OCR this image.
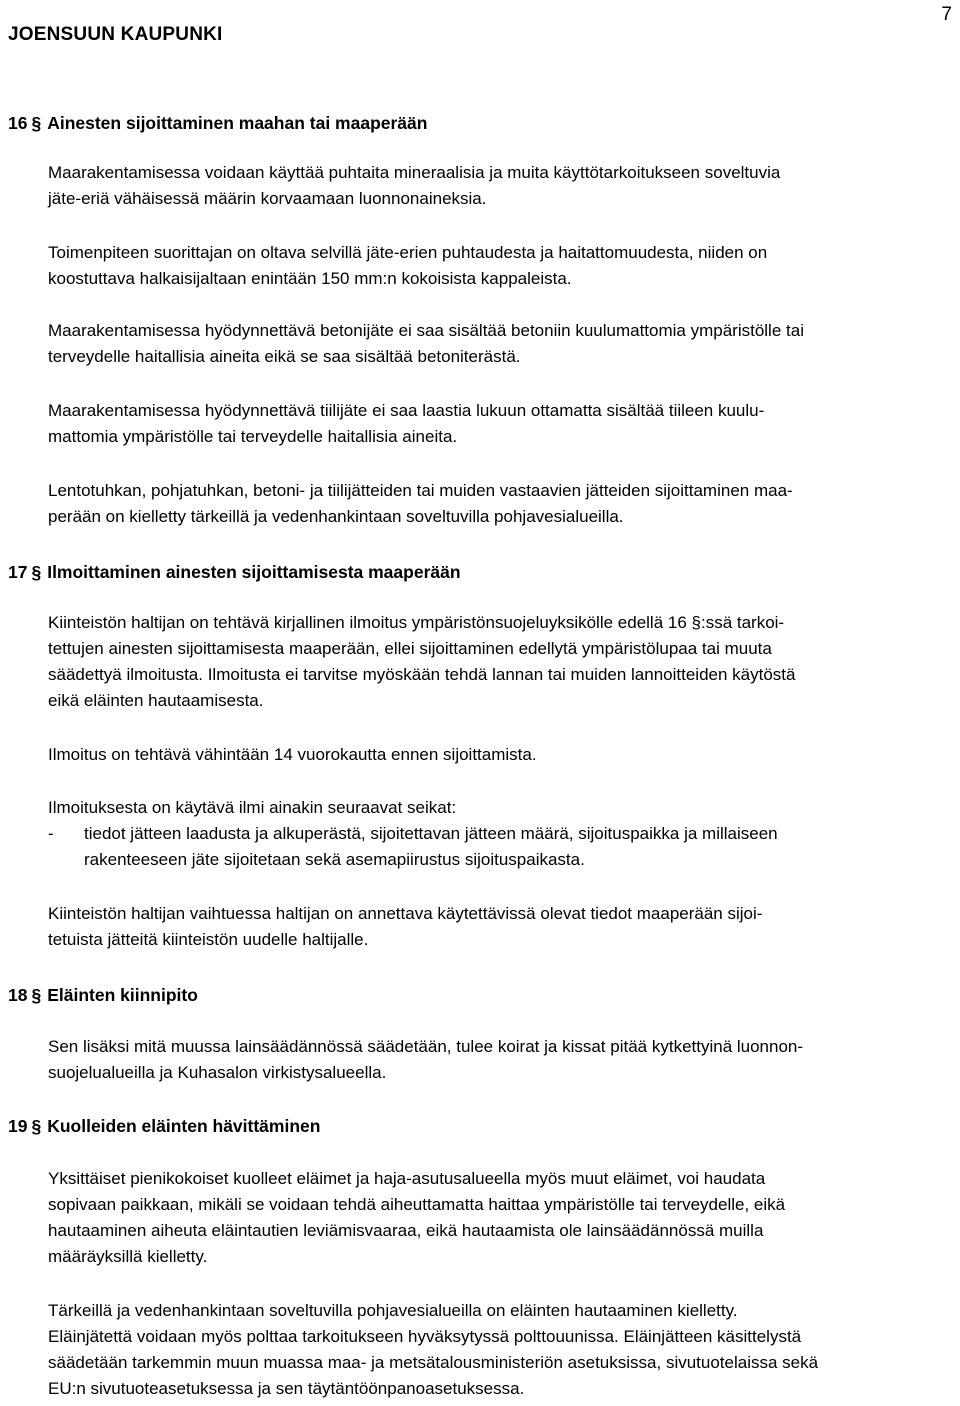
JOENSUUN KAUPUNKI
7
16 § Ainesten sijoittaminen maahan tai maaperään

Maarakentamisessa voidaan käyttää puhtaita mineraalisia ja muita käyttötarkoitukseen soveltuvia
jäte-eriä vähäisessä määrin korvaamaan luonnonaineksia.

Toimenpiteen suorittajan on oltava selvillä jäte-erien puhtaudesta ja haitattomuudesta, niiden on
koostuttava halkaisijaltaan enintään 150 mm:n kokoisista kappaleista.

Maarakentamisessa hyödynnettävä betonijäte ei saa sisältää betoniin kuulumattomia ympäristölle tai
terveydelle haitallisia aineita eikä se saa sisältää betoniterästä.

Maarakentamisessa hyödynnettävä tiilijäte ei saa laastia lukuun ottamatta sisältää tiileen kuulu-
mattomia ympäristölle tai terveydelle haitallisia aineita.

Lentotuhkan, pohjatuhkan, betoni- ja tiilijätteiden tai muiden vastaavien jätteiden sijoittaminen maa-
perään on kielletty tärkeillä ja vedenhankintaan soveltuvilla pohjavesialueilla.

17 § Ilmoittaminen ainesten sijoittamisesta maaperään

Kiinteistön haltijan on tehtävä kirjallinen ilmoitus ympäristönsuojeluyksikölle edellä 16 §:ssä tarkoi-
tettujen ainesten sijoittamisesta maaperään, ellei sijoittaminen edellytä ympäristölupaa tai muuta
säädettyä ilmoitusta. Ilmoitusta ei tarvitse myöskään tehdä lannan tai muiden lannoitteiden käytöstä
eikä eläinten hautaamisesta.

Ilmoitus on tehtävä vähintään 14 vuorokautta ennen sijoittamista.

Ilmoituksesta on käytävä ilmi ainakin seuraavat seikat:

- tiedot jätteen laadusta ja alkuperästä, sijoitettavan jätteen määrä, sijoituspaikka ja millaiseen
rakenteeseen jäte sijoitetaan sekä asemapiirustus sijoituspaikasta.

Kiinteistön haltijan vaihtuessa haltijan on annettava käytettävissä olevat tiedot maaperään sijoi-
tetuista jätteitä kiinteistön uudelle haltijalle.

18 § Eläinten kiinnipito

Sen lisäksi mitä muussa lainsäädännössä säädetään, tulee koirat ja kissat pitää kytkettyinä luonnon-
suojelualueilla ja Kuhasalon virkistysalueella.

19 § Kuolleiden eläinten hävittäminen

Yksittäiset pienikokoiset kuolleet eläimet ja haja-asutusalueella myös muut eläimet, voi haudata
sopivaan paikkaan, mikäli se voidaan tehdä aiheuttamatta haittaa ympäristölle tai terveydelle, eikä
hautaaminen aiheuta eläintautien leviämisvaaraa, eikä hautaamista ole lainsäädännössä muilla
määräyksillä kielletty.

Tärkeillä ja vedenhankintaan soveltuvilla pohjavesialueilla on eläinten hautaaminen kielletty.
Eläinjätettä voidaan myös polttaa tarkoitukseen hyväksytyssä polttouunissa. Eläinjätteen käsittelystä
säädetään tarkemmin muun muassa maa- ja metsätalousministeriön asetuksissa, sivutuotelaissa sekä
EU:n sivutuoteasetuksessa ja sen täytäntöönpanoasetuksessa.
